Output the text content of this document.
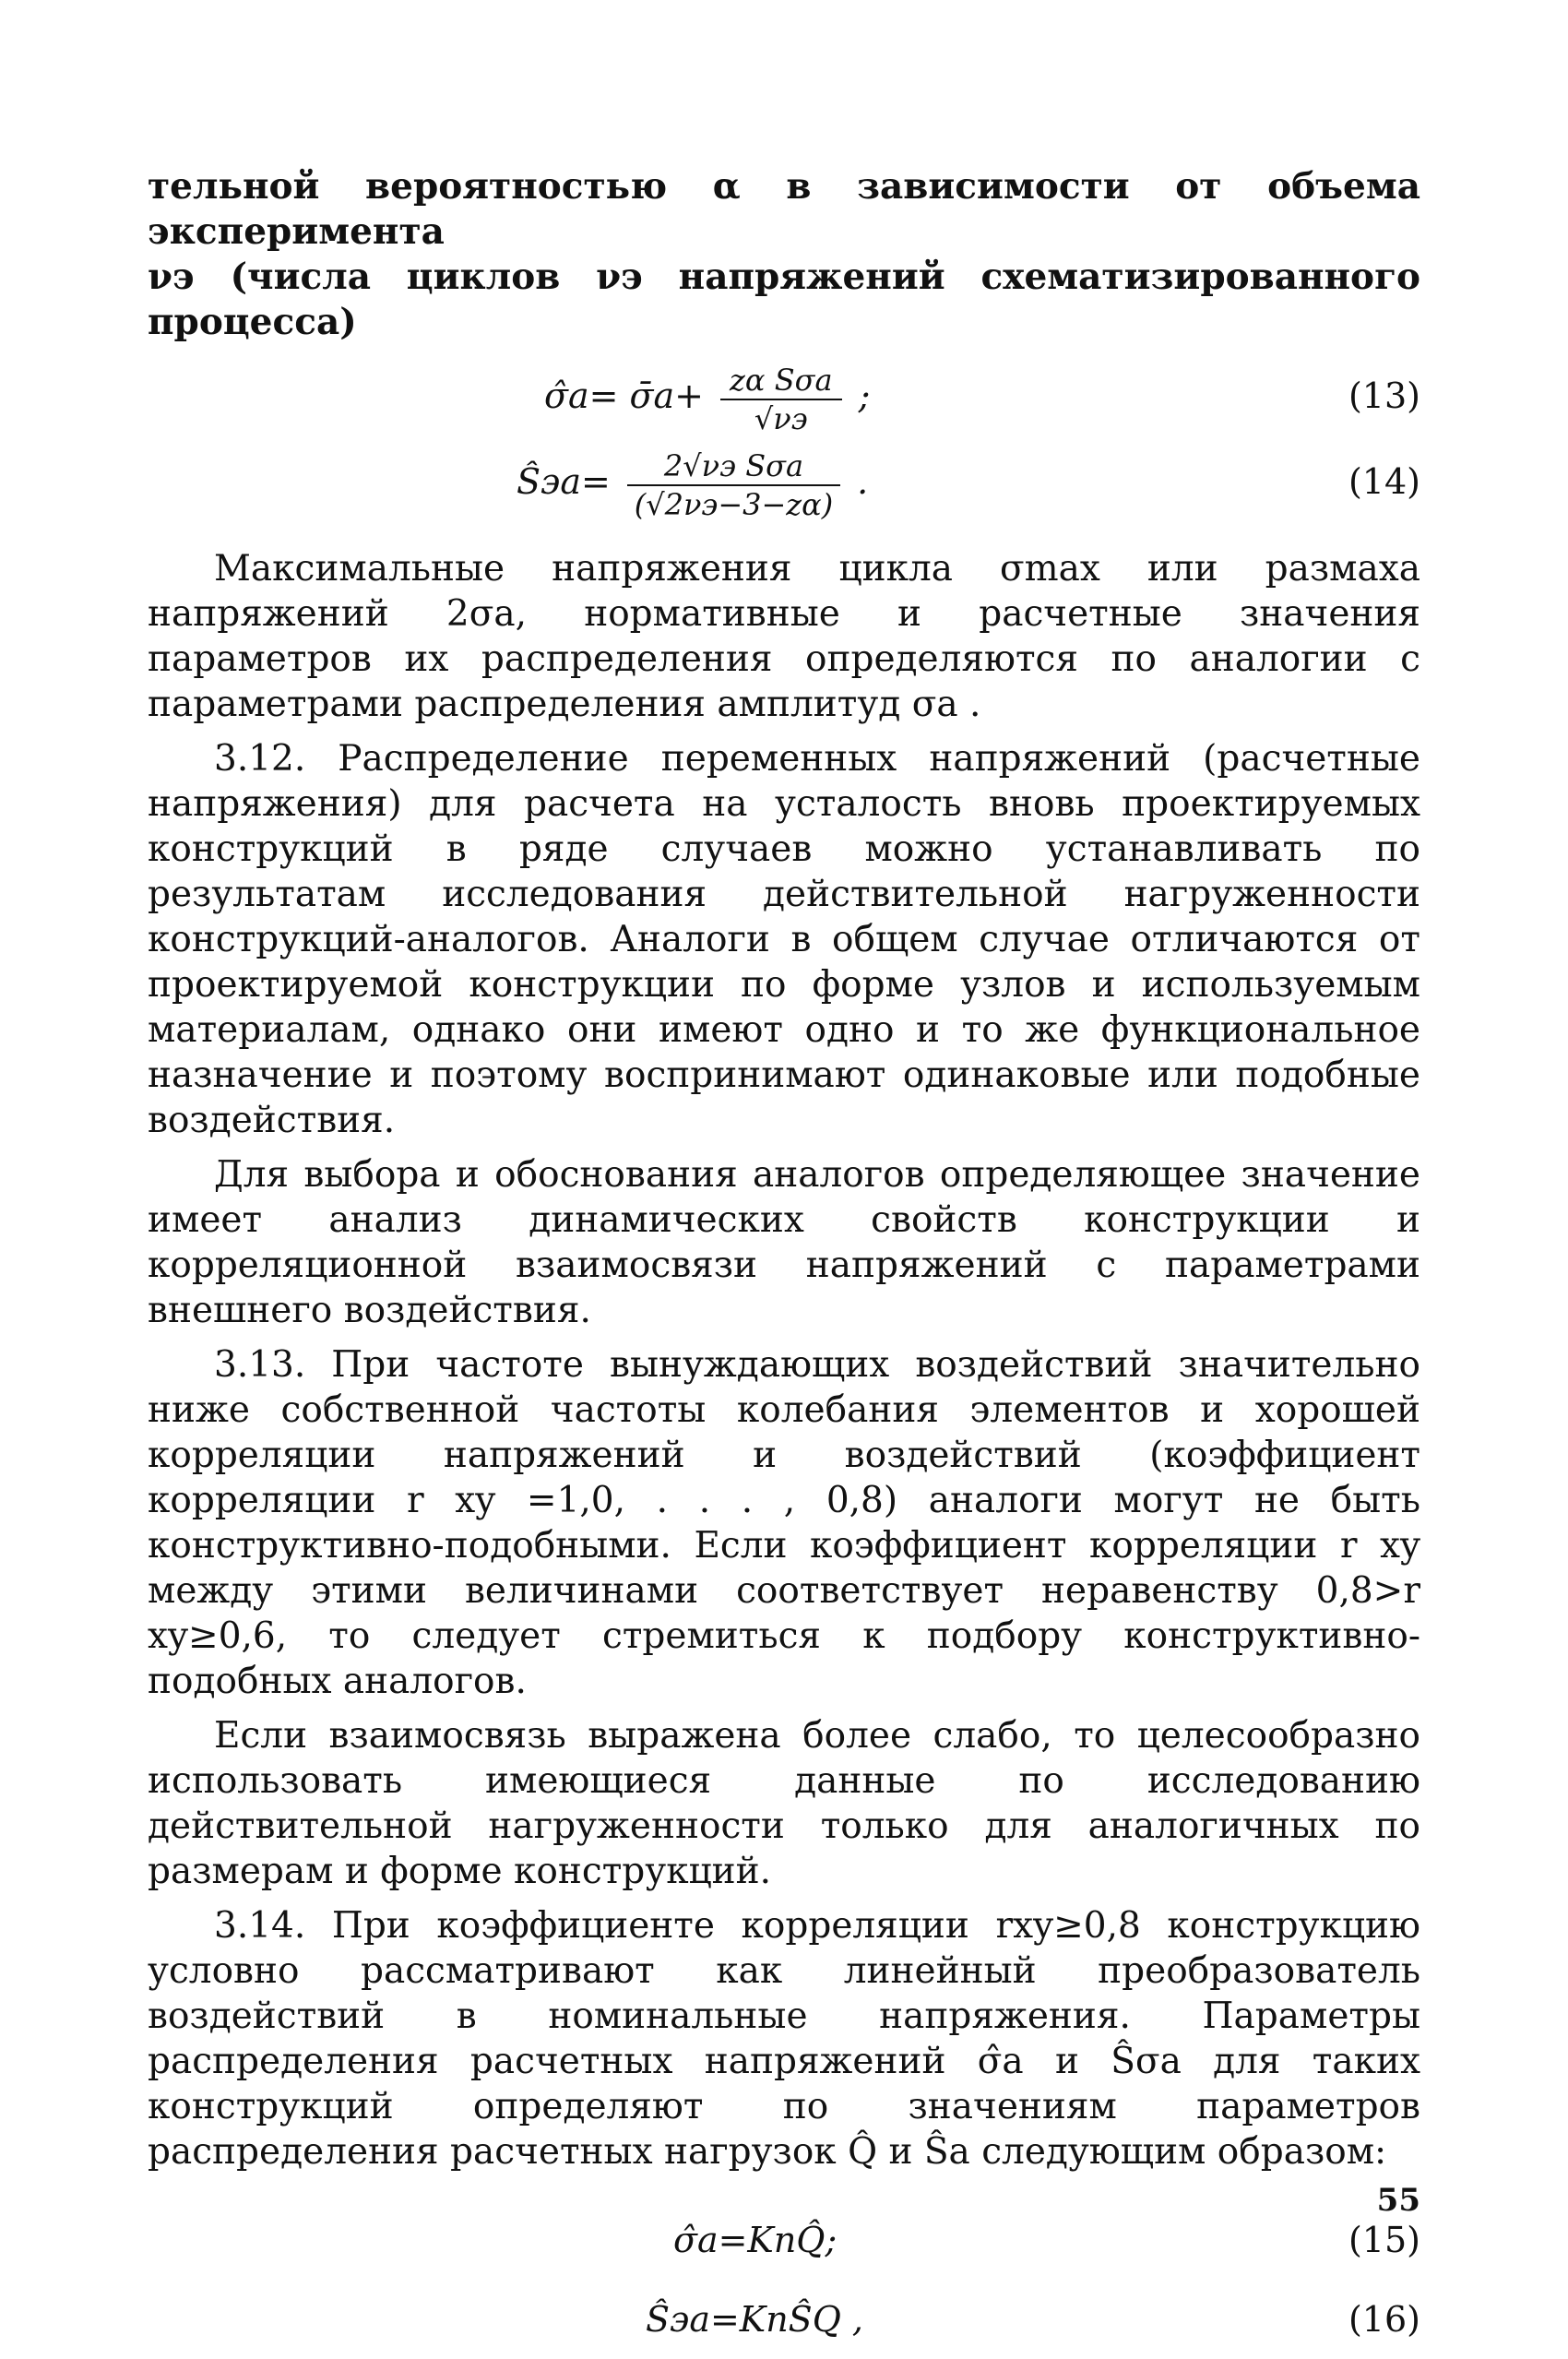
тельной вероятностью α в зависимости от объема эксперимента

νэ (числа циклов νэ напряжений схематизированного процесса)

σ̂a= σ̄a+ $\frac{\text{zα Sσa}}{√\nu э}$ ;	(13)
Ŝэa= $\frac{\text{2√νэ Sσa}}{(√2\nu э-3-z\alpha)}$ .	(14)

Максимальные напряжения цикла σmax или размаха напряжений 2σa, нормативные и расчетные значения параметров их распределения определяются по аналогии с параметрами распределения амплитуд σa .

3.12. Распределение переменных напряжений (расчетные напряжения) для расчета на усталость вновь проектируемых конструкций в ряде случаев можно устанавливать по результатам исследования действительной нагруженности конструкций-аналогов. Аналоги в общем случае отличаются от проектируемой конструкции по форме узлов и используемым материалам, однако они имеют одно и то же функциональное назначение и поэтому воспринимают одинаковые или подобные воздействия.

Для выбора и обоснования аналогов определяющее значение имеет анализ динамических свойств конструкции и корреляционной взаимосвязи напряжений с параметрами внешнего воздействия.

3.13. При частоте вынуждающих воздействий значительно ниже собственной частоты колебания элементов и хорошей корреляции напряжений и воздействий (коэффициент корреляции r xy =1,0, . . . , 0,8) аналоги могут не быть конструктивно-подобными. Если коэффициент корреляции r xy между этими величинами соответствует неравенству 0,8>r xy≥0,6, то следует стремиться к подбору конструктивно-подобных аналогов.

Если взаимосвязь выражена более слабо, то целесообразно использовать имеющиеся данные по исследованию действительной нагруженности только для аналогичных по размерам и форме конструкций.

3.14. При коэффициенте корреляции rxy≥0,8 конструкцию условно рассматривают как линейный преобразователь воздействий в номинальные напряжения. Параметры распределения расчетных напряжений σ̂a и Ŝσa для таких конструкций определяют по значениям параметров распределения расчетных нагрузок Q̂ и Ŝa следующим образом:

σ̂a=KпQ̂;	(15)
Ŝэa=KпŜQ ,	(16)
55
